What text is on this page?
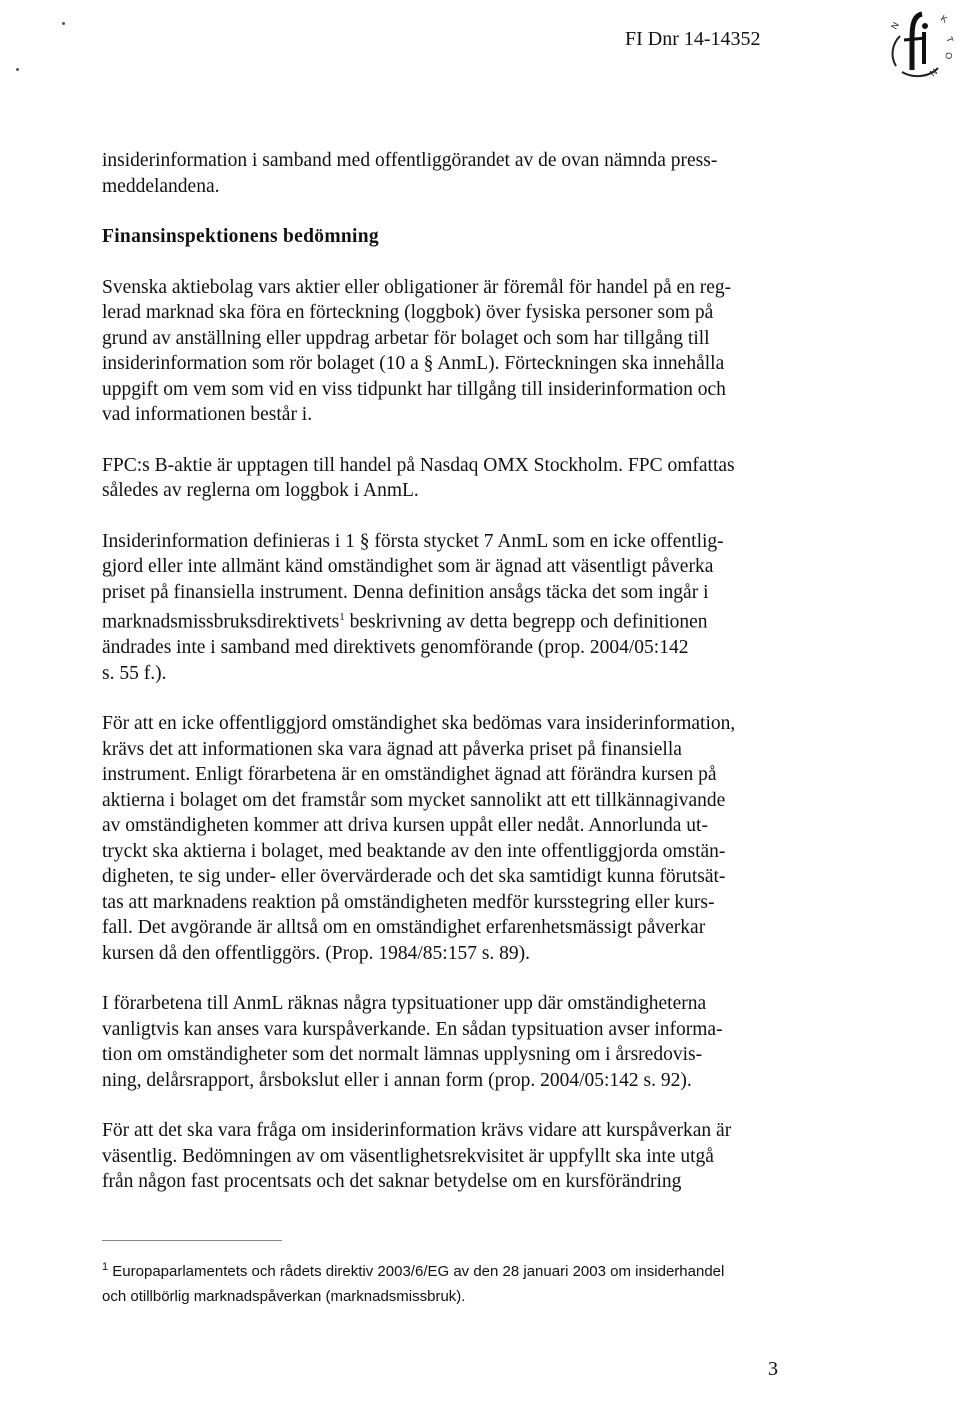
FI Dnr 14-14352
N
K
T
O
N

insiderinformation i samband med offentliggörandet av de ovan nämnda press-
meddelandena.

Finansinspektionens bedömning

Svenska aktiebolag vars aktier eller obligationer är föremål för handel på en reg-
lerad marknad ska föra en förteckning (loggbok) över fysiska personer som på
grund av anställning eller uppdrag arbetar för bolaget och som har tillgång till
insiderinformation som rör bolaget (10 a § AnmL). Förteckningen ska innehålla
uppgift om vem som vid en viss tidpunkt har tillgång till insiderinformation och
vad informationen består i.

FPC:s B-aktie är upptagen till handel på Nasdaq OMX Stockholm. FPC omfattas
således av reglerna om loggbok i AnmL.

Insiderinformation definieras i 1 § första stycket 7 AnmL som en icke offentlig-
gjord eller inte allmänt känd omständighet som är ägnad att väsentligt påverka
priset på finansiella instrument. Denna definition ansågs täcka det som ingår i
marknadsmissbruksdirektivets$^1$ beskrivning av detta begrepp och definitionen
ändrades inte i samband med direktivets genomförande (prop. 2004/05:142
s. 55 f.).

För att en icke offentliggjord omständighet ska bedömas vara insiderinformation,
krävs det att informationen ska vara ägnad att påverka priset på finansiella
instrument. Enligt förarbetena är en omständighet ägnad att förändra kursen på
aktierna i bolaget om det framstår som mycket sannolikt att ett tillkännagivande
av omständigheten kommer att driva kursen uppåt eller nedåt. Annorlunda ut-
tryckt ska aktierna i bolaget, med beaktande av den inte offentliggjorda omstän-
digheten, te sig under- eller övervärderade och det ska samtidigt kunna förutsät-
tas att marknadens reaktion på omständigheten medför kursstegring eller kurs-
fall. Det avgörande är alltså om en omständighet erfarenhetsmässigt påverkar
kursen då den offentliggörs. (Prop. 1984/85:157 s. 89).

I förarbetena till AnmL räknas några typsituationer upp där omständigheterna
vanligtvis kan anses vara kurspåverkande. En sådan typsituation avser informa-
tion om omständigheter som det normalt lämnas upplysning om i årsredovis-
ning, delårsrapport, årsbokslut eller i annan form (prop. 2004/05:142 s. 92).

För att det ska vara fråga om insiderinformation krävs vidare att kurspåverkan är
väsentlig. Bedömningen av om väsentlighetsrekvisitet är uppfyllt ska inte utgå
från någon fast procentsats och det saknar betydelse om en kursförändring

$^1$ Europaparlamentets och rådets direktiv 2003/6/EG av den 28 januari 2003 om insiderhandel
och otillbörlig marknadspåverkan (marknadsmissbruk).
3
